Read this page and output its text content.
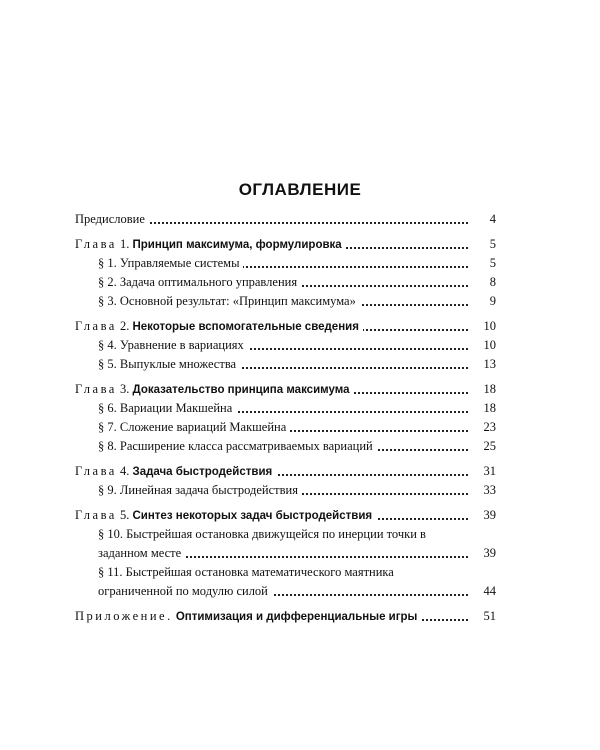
ОГЛАВЛЕНИЕ
Предисловие	4
Глава 1. Принцип максимума, формулировка	5
§ 1. Управляемые системы	5
§ 2. Задача оптимального управления	8
§ 3. Основной результат: «Принцип максимума»	9
Глава 2. Некоторые вспомогательные сведения	10
§ 4. Уравнение в вариациях	10
§ 5. Выпуклые множества	13
Глава 3. Доказательство принципа максимума	18
§ 6. Вариации Макшейна	18
§ 7. Сложение вариаций Макшейна	23
§ 8. Расширение класса рассматриваемых вариаций	25
Глава 4. Задача быстродействия	31
§ 9. Линейная задача быстродействия	33
Глава 5. Синтез некоторых задач быстродействия	39
§ 10. Быстрейшая остановка движущейся по инерции точки в заданном месте	39
§ 11. Быстрейшая остановка математического маятника ограниченной по модулю силой	44
Приложение. Оптимизация и дифференциальные игры	51
